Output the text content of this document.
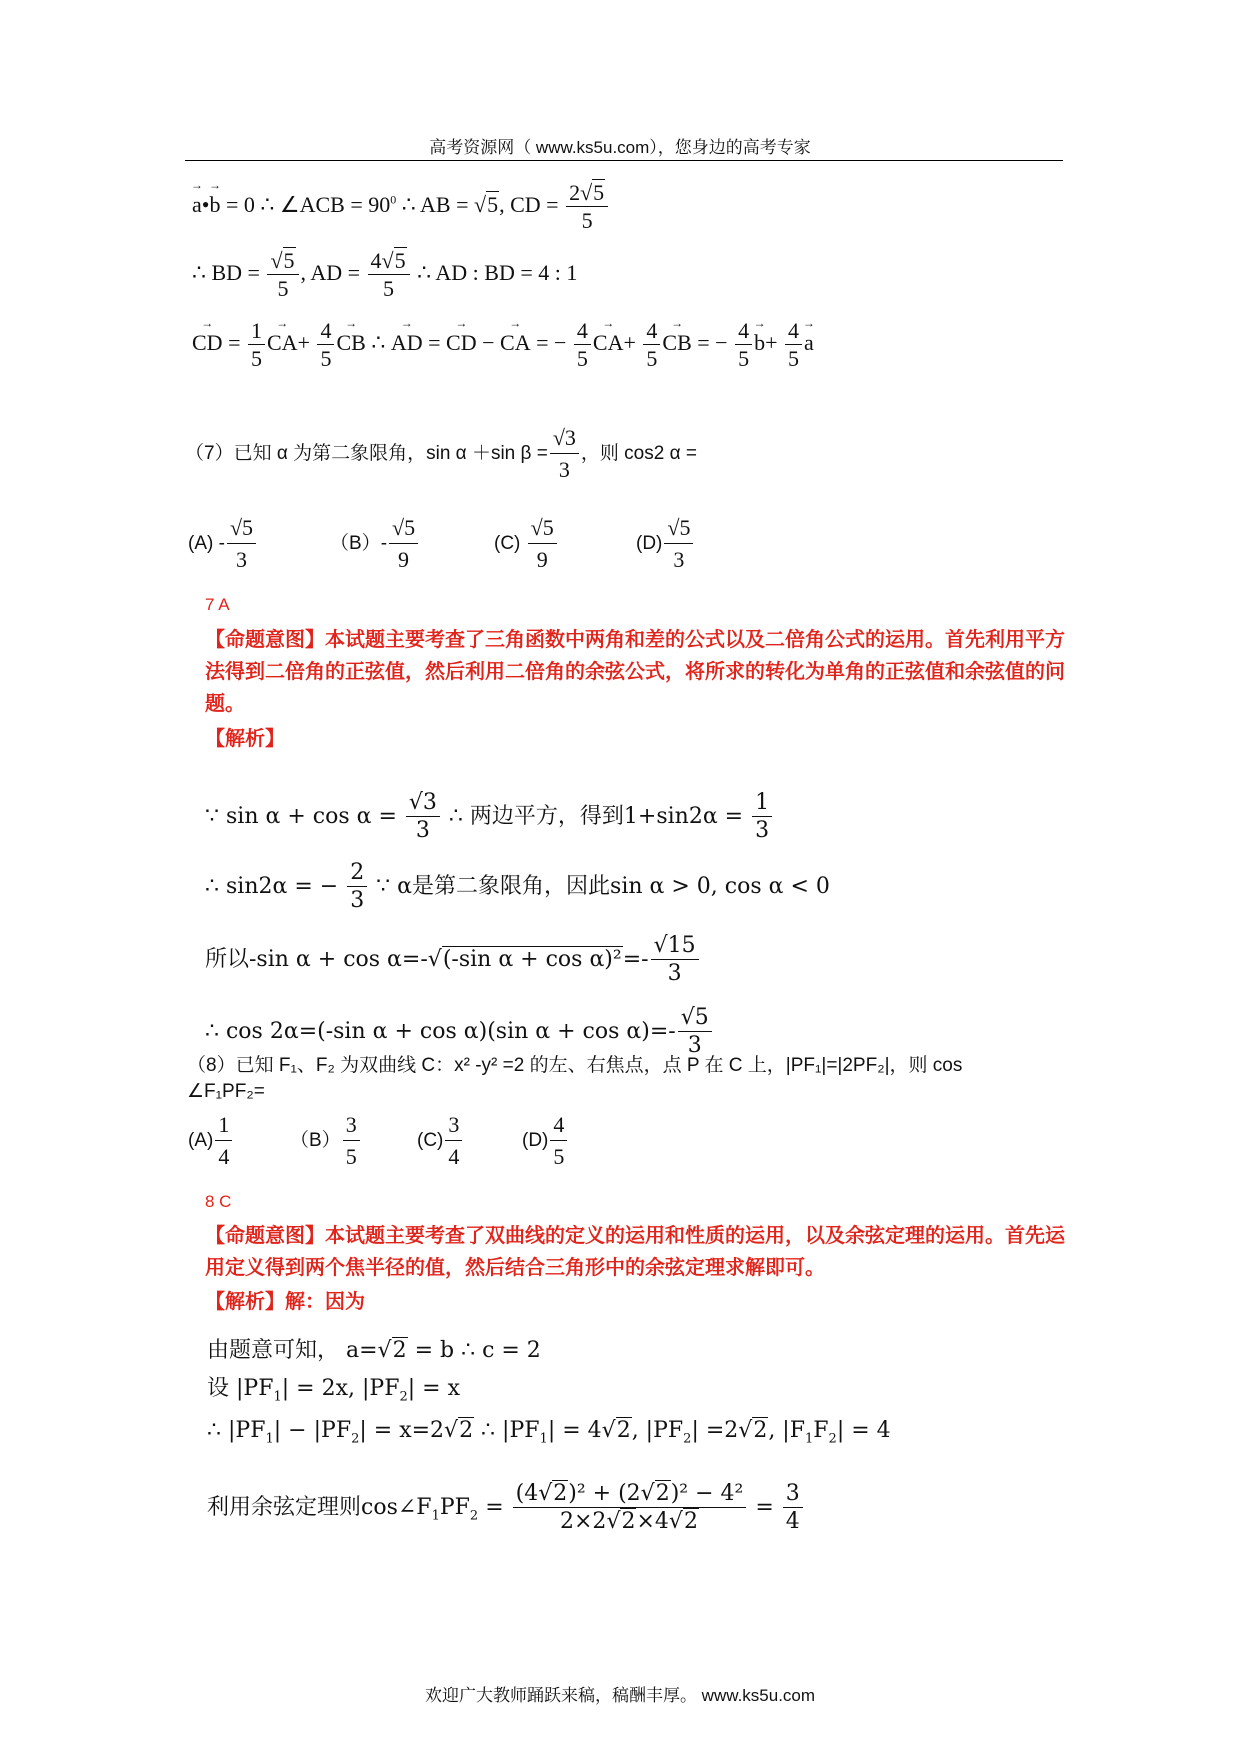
高考资源网（ www.ks5u.com），您身边的高考专家
欢迎广大教师踊跃来稿，稿酬丰厚。 www.ks5u.com
→ a•→ b = 0 ∴ ∠ACB = $90^0$ ∴ AB = √5, CD = $\frac{2√5}{5}$
∴ BD = $\frac{√5}{5}$ , AD = $\frac{4√5}{5}$ ∴ AD : BD = 4 : 1
→ CD = $\frac{1}{5}$
→ $CA+ \frac{4}{5}$
→ CB ∴ → AD = → CD − → CA = − $\frac{4}{5}$
→ $CA+ \frac{4}{5}$
→ CB = − $\frac{4}{5}$
→ $b+ \frac{4}{5}$
→ a
（7）已知 α 为第二象限角，sin α ＋sin $\beta = \frac{√3}{3}$ ，则 cos2 α =
$(A) - \frac{√5}{3}$	$(B)- \frac{√5}{9}$	$(C) \frac{√5}{9}$	$(D) \frac{√5}{3}$
7 A
【命题意图】本试题主要考查了三角函数中两角和差的公式以及二倍角公式的运用。首先利用平方法得到二倍角的正弦值，然后利用二倍角的余弦公式，将所求的转化为单角的正弦值和余弦值的问题。
【解析】
∵ $\sin \alpha + \cos \alpha = \frac{√3}{3}$ ∴ 两边平方，得到$1+\sin 2\alpha = \frac{1}{3}$
∴ sin2α = − $\frac{2}{3}$ ∵ α是第二象限角，因此sin α > 0, cos α < 0
所以-sin α + cos α=-√(-sin $\alpha + \cos \alpha)^2=- \frac{√15}{3}$
∴ cos 2α=(-sin α + cos α)(sin $\alpha + \cos \alpha)=- \frac{√5}{3}$
（8）已知 F₁、F₂ 为双曲线 C：x² -y² =2 的左、右焦点，点 P 在 C 上，|PF₁|=|2PF₂|，则 cos
∠F₁PF₂=
$(A) \frac{1}{4}$	$(B) \frac{3}{5}$	$(C) \frac{3}{4}$	$(D) \frac{4}{5}$
8 C
【命题意图】本试题主要考查了双曲线的定义的运用和性质的运用，以及余弦定理的运用。首先运用定义得到两个焦半径的值，然后结合三角形中的余弦定理求解即可。
【解析】解：因为
由题意可知， a=√2 = b ∴ c = 2
设 $|PF_1| = 2x$, $|PF_2| = x$
∴ $|PF_1| - |PF_2| = x=2√2$ ∴ $|PF_1| = 4√2$, $|PF_2| =2√2$, $|F_1F_2| = 4$
利用余弦定理则$\cos\angle F_1PF_2 = \frac{\text{(4√2)² + (2√2)² − 4²}}{2\times 2√2\times 4√2} = \frac{3}{4}$
